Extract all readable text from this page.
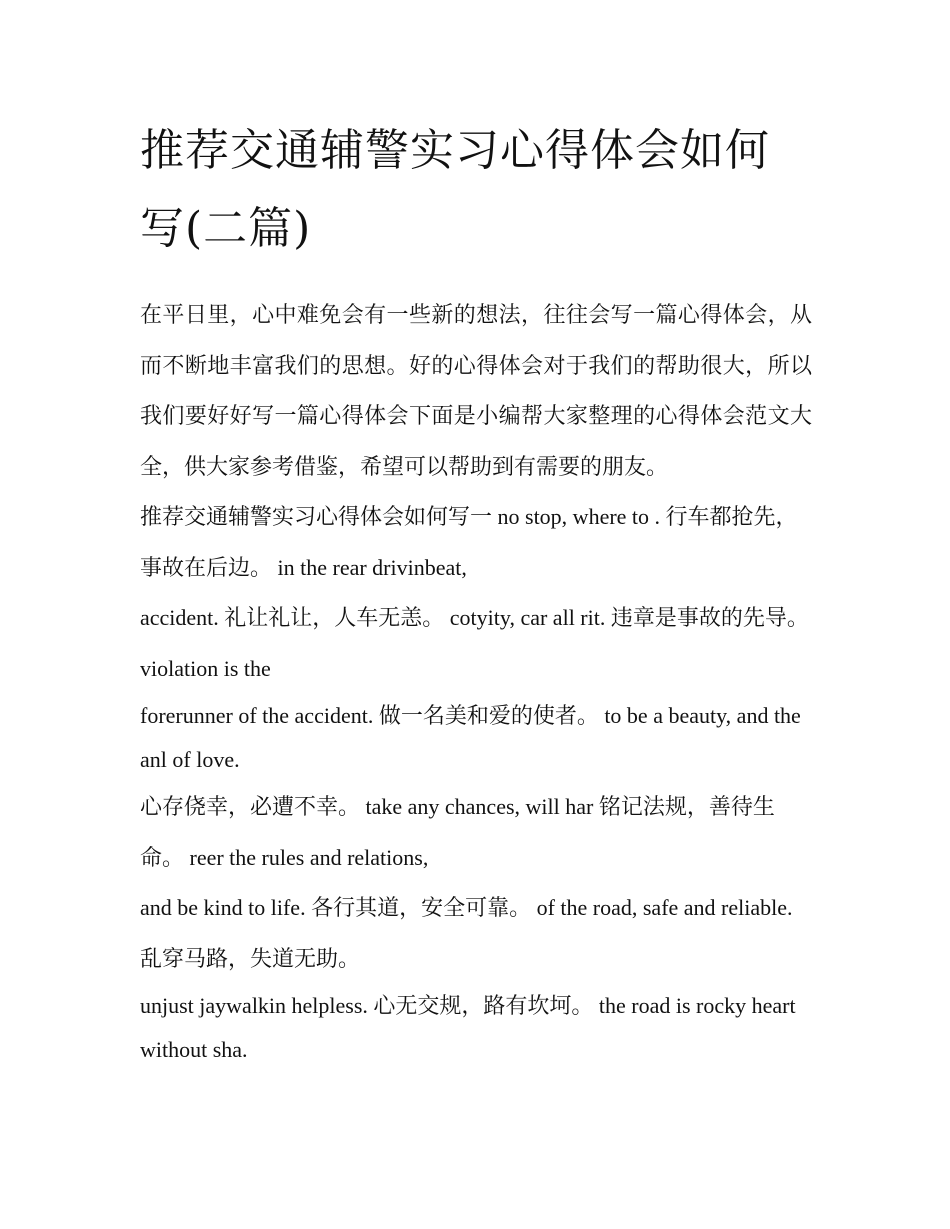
推荐交通辅警实习心得体会如何写(二篇)

在平日里，心中难免会有一些新的想法，往往会写一篇心得体会，从而不断地丰富我们的思想。好的心得体会对于我们的帮助很大，所以我们要好好写一篇心得体会下面是小编帮大家整理的心得体会范文大全，供大家参考借鉴，希望可以帮助到有需要的朋友。

推荐交通辅警实习心得体会如何写一 no stop, where to . 行车都抢先，事故在后边。 in the rear drivinbeat,

accident. 礼让礼让，人车无恙。 cotyity, car all rit. 违章是事故的先导。 violation is the

forerunner of the accident. 做一名美和爱的使者。 to be a beauty, and the anl of love.

心存侥幸，必遭不幸。 take any chances, will har 铭记法规，善待生命。 reer the rules and relations,

and be kind to life. 各行其道，安全可靠。 of the road, safe and reliable. 乱穿马路，失道无助。

unjust jaywalkin helpless. 心无交规，路有坎坷。 the road is rocky heart without sha.
